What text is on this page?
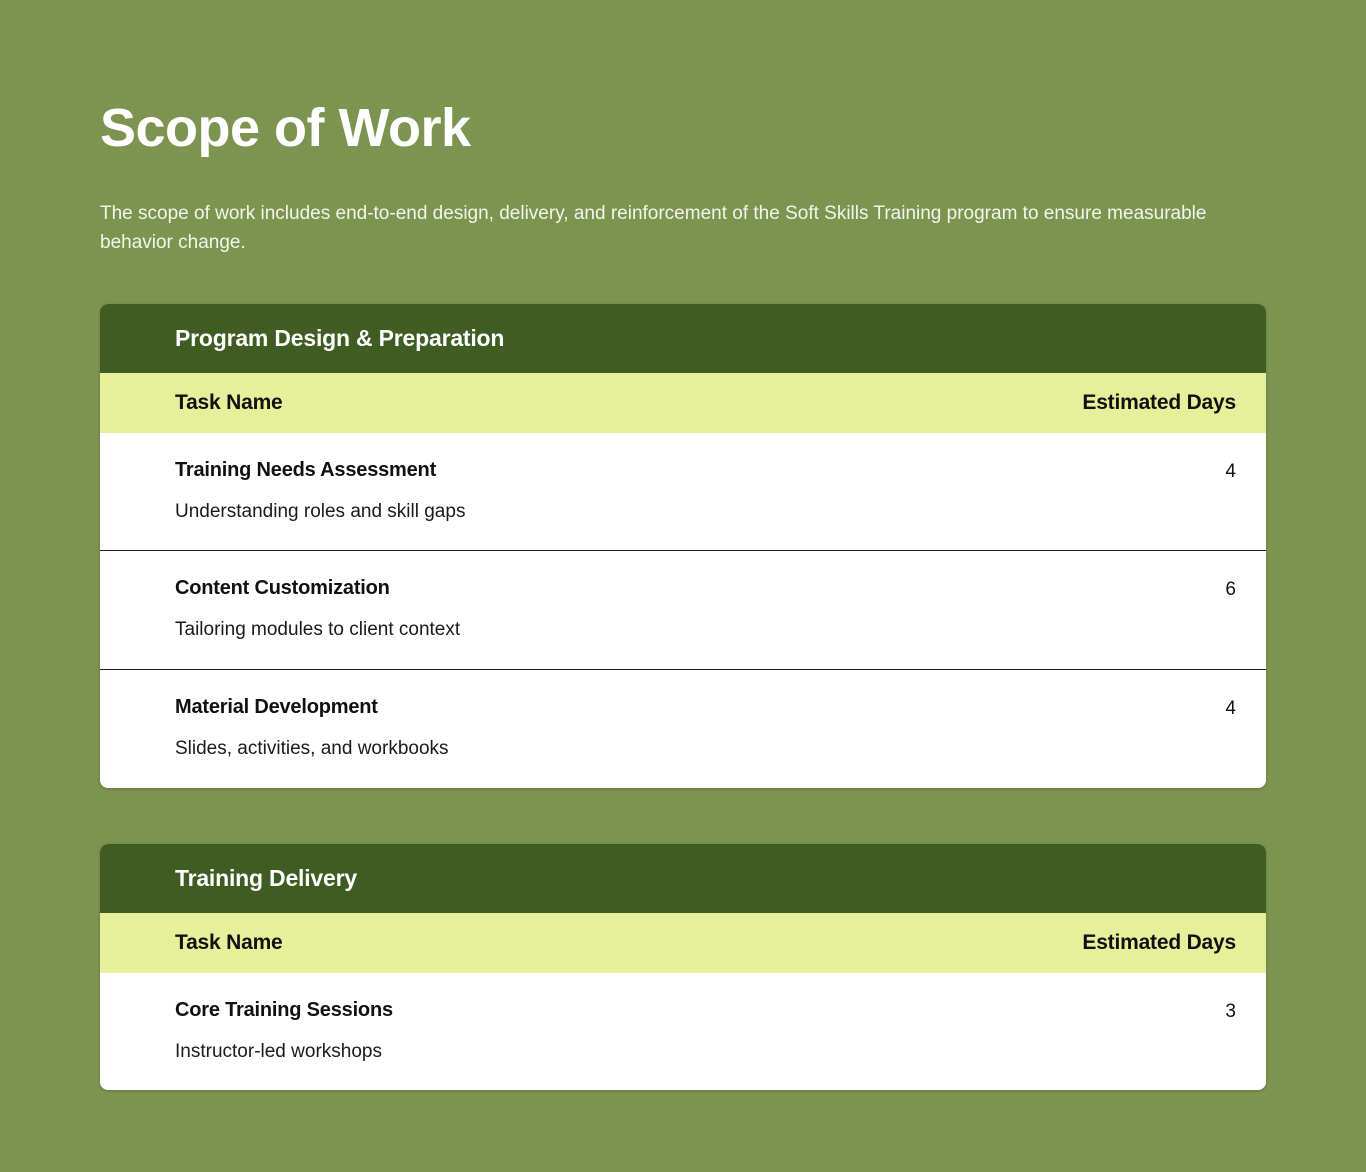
Scope of Work

The scope of work includes end-to-end design, delivery, and reinforcement of the Soft Skills Training program to ensure measurable behavior change.

Program Design & Preparation
Task Name	Estimated Days
Training Needs Assessment
Understanding roles and skill gaps
4
Content Customization
Tailoring modules to client context
6
Material Development
Slides, activities, and workbooks
4
Training Delivery
Task Name	Estimated Days
Core Training Sessions
Instructor-led workshops
3
